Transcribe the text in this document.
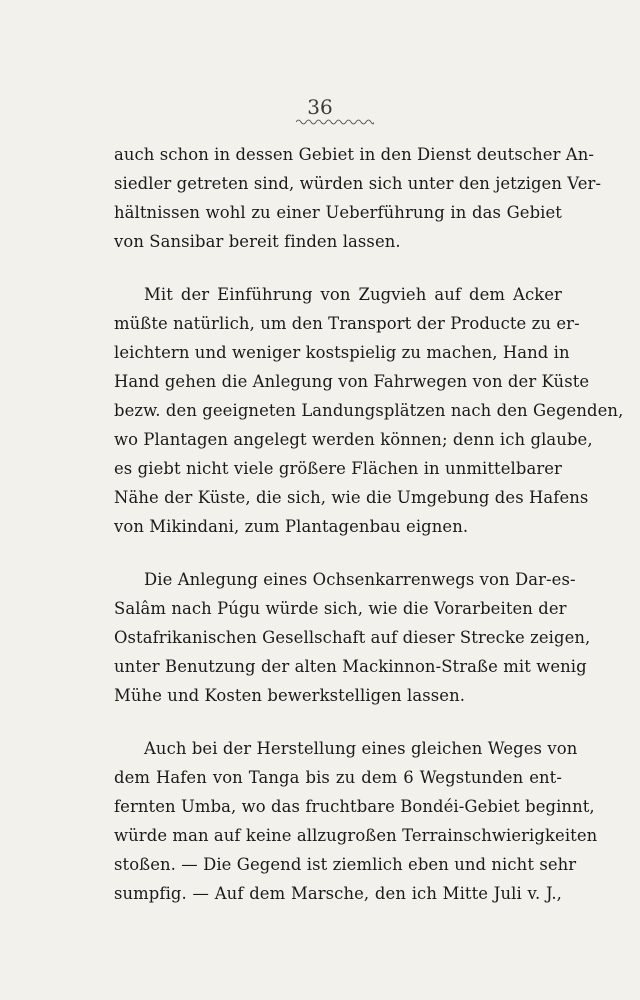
36
auch schon in dessen Gebiet in den Dienst deutscher An-
siedler getreten sind, würden sich unter den jetzigen Ver-
hältnissen wohl zu einer Ueberführung in das Gebiet
von Sansibar bereit finden lassen.
Mit der Einführung von Zugvieh auf dem Acker
müßte natürlich, um den Transport der Producte zu er-
leichtern und weniger kostspielig zu machen, Hand in
Hand gehen die Anlegung von Fahrwegen von der Küste
bezw. den geeigneten Landungsplätzen nach den Gegenden,
wo Plantagen angelegt werden können; denn ich glaube,
es giebt nicht viele größere Flächen in unmittelbarer
Nähe der Küste, die sich, wie die Umgebung des Hafens
von Mikindani, zum Plantagenbau eignen.
Die Anlegung eines Ochsenkarrenwegs von Dar-es-
Salâm nach Púgu würde sich, wie die Vorarbeiten der
Ostafrikanischen Gesellschaft auf dieser Strecke zeigen,
unter Benutzung der alten Mackinnon-Straße mit wenig
Mühe und Kosten bewerkstelligen lassen.
Auch bei der Herstellung eines gleichen Weges von
dem Hafen von Tanga bis zu dem 6 Wegstunden ent-
fernten Umba, wo das fruchtbare Bondéi-Gebiet beginnt,
würde man auf keine allzugroßen Terrainschwierigkeiten
stoßen. — Die Gegend ist ziemlich eben und nicht sehr
sumpfig. — Auf dem Marsche, den ich Mitte Juli v. J.,
